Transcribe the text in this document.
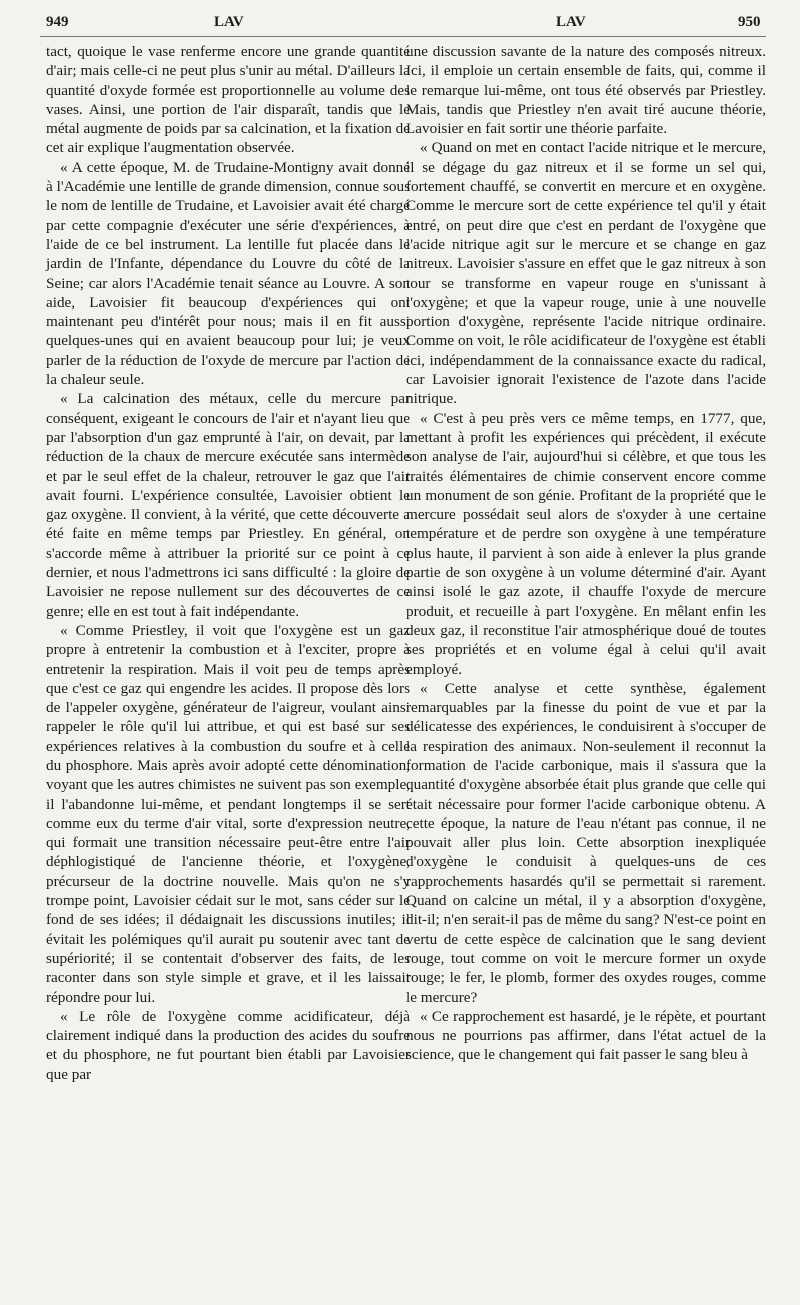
949	LAV	LAV	950

tact, quoique le vase renferme encore une grande quantité d'air; mais celle-ci ne peut plus s'unir au métal. D'ailleurs la quantité d'oxyde formée est proportionnelle au volume des vases. Ainsi, une portion de l'air disparaît, tandis que le métal augmente de poids par sa calcination, et la fixation de cet air explique l'augmentation observée.

« A cette époque, M. de Trudaine-Montigny avait donné à l'Académie une lentille de grande dimension, connue sous le nom de lentille de Trudaine, et Lavoisier avait été chargé par cette compagnie d'exécuter une série d'expériences, à l'aide de ce bel instrument. La lentille fut placée dans le jardin de l'Infante, dépendance du Louvre du côté de la Seine; car alors l'Académie tenait séance au Louvre. A son aide, Lavoisier fit beaucoup d'expériences qui ont maintenant peu d'intérêt pour nous; mais il en fit aussi quelques-unes qui en avaient beaucoup pour lui; je veux parler de la réduction de l'oxyde de mercure par l'action de la chaleur seule.

« La calcination des métaux, celle du mercure par conséquent, exigeant le concours de l'air et n'ayant lieu que par l'absorption d'un gaz emprunté à l'air, on devait, par la réduction de la chaux de mercure exécutée sans intermède et par le seul effet de la chaleur, retrouver le gaz que l'air avait fourni. L'expérience consultée, Lavoisier obtient le gaz oxygène. Il convient, à la vérité, que cette découverte a été faite en même temps par Priestley. En général, on s'accorde même à attribuer la priorité sur ce point à ce dernier, et nous l'admettrons ici sans difficulté : la gloire de Lavoisier ne repose nullement sur des découvertes de ce genre; elle en est tout à fait indépendante.

« Comme Priestley, il voit que l'oxygène est un gaz propre à entretenir la combustion et à l'exciter, propre à entretenir la respiration. Mais il voit peu de temps après que c'est ce gaz qui engendre les acides. Il propose dès lors de l'appeler oxygène, générateur de l'aigreur, voulant ainsi rappeler le rôle qu'il lui attribue, et qui est basé sur ses expériences relatives à la combustion du soufre et à celle du phosphore. Mais après avoir adopté cette dénomination, voyant que les autres chimistes ne suivent pas son exemple, il l'abandonne lui-même, et pendant longtemps il se sert comme eux du terme d'air vital, sorte d'expression neutre, qui formait une transition nécessaire peut-être entre l'air déphlogistiqué de l'ancienne théorie, et l'oxygène, précurseur de la doctrine nouvelle. Mais qu'on ne s'y trompe point, Lavoisier cédait sur le mot, sans céder sur le fond de ses idées; il dédaignait les discussions inutiles; il évitait les polémiques qu'il aurait pu soutenir avec tant de supériorité; il se contentait d'observer des faits, de les raconter dans son style simple et grave, et il les laissait répondre pour lui.

« Le rôle de l'oxygène comme acidificateur, déjà clairement indiqué dans la production des acides du soufre et du phosphore, ne fut pourtant bien établi par Lavoisier que par

une discussion savante de la nature des composés nitreux. Ici, il emploie un certain ensemble de faits, qui, comme il le remarque lui-même, ont tous été observés par Priestley. Mais, tandis que Priestley n'en avait tiré aucune théorie, Lavoisier en fait sortir une théorie parfaite.

« Quand on met en contact l'acide nitrique et le mercure, il se dégage du gaz nitreux et il se forme un sel qui, fortement chauffé, se convertit en mercure et en oxygène. Comme le mercure sort de cette expérience tel qu'il y était entré, on peut dire que c'est en perdant de l'oxygène que l'acide nitrique agit sur le mercure et se change en gaz nitreux. Lavoisier s'assure en effet que le gaz nitreux à son tour se transforme en vapeur rouge en s'unissant à l'oxygène; et que la vapeur rouge, unie à une nouvelle portion d'oxygène, représente l'acide nitrique ordinaire. Comme on voit, le rôle acidificateur de l'oxygène est établi ici, indépendamment de la connaissance exacte du radical, car Lavoisier ignorait l'existence de l'azote dans l'acide nitrique.

« C'est à peu près vers ce même temps, en 1777, que, mettant à profit les expériences qui précèdent, il exécute son analyse de l'air, aujourd'hui si célèbre, et que tous les traités élémentaires de chimie conservent encore comme un monument de son génie. Profitant de la propriété que le mercure possédait seul alors de s'oxyder à une certaine température et de perdre son oxygène à une température plus haute, il parvient à son aide à enlever la plus grande partie de son oxygène à un volume déterminé d'air. Ayant ainsi isolé le gaz azote, il chauffe l'oxyde de mercure produit, et recueille à part l'oxygène. En mêlant enfin les deux gaz, il reconstitue l'air atmosphérique doué de toutes ses propriétés et en volume égal à celui qu'il avait employé.

« Cette analyse et cette synthèse, également remarquables par la finesse du point de vue et par la délicatesse des expériences, le conduisirent à s'occuper de la respiration des animaux. Non-seulement il reconnut la formation de l'acide carbonique, mais il s'assura que la quantité d'oxygène absorbée était plus grande que celle qui était nécessaire pour former l'acide carbonique obtenu. A cette époque, la nature de l'eau n'étant pas connue, il ne pouvait aller plus loin. Cette absorption inexpliquée d'oxygène le conduisit à quelques-uns de ces rapprochements hasardés qu'il se permettait si rarement. Quand on calcine un métal, il y a absorption d'oxygène, dit-il; n'en serait-il pas de même du sang? N'est-ce point en vertu de cette espèce de calcination que le sang devient rouge, tout comme on voit le mercure former un oxyde rouge; le fer, le plomb, former des oxydes rouges, comme le mercure?

« Ce rapprochement est hasardé, je le répète, et pourtant nous ne pourrions pas affirmer, dans l'état actuel de la science, que le changement qui fait passer le sang bleu à
